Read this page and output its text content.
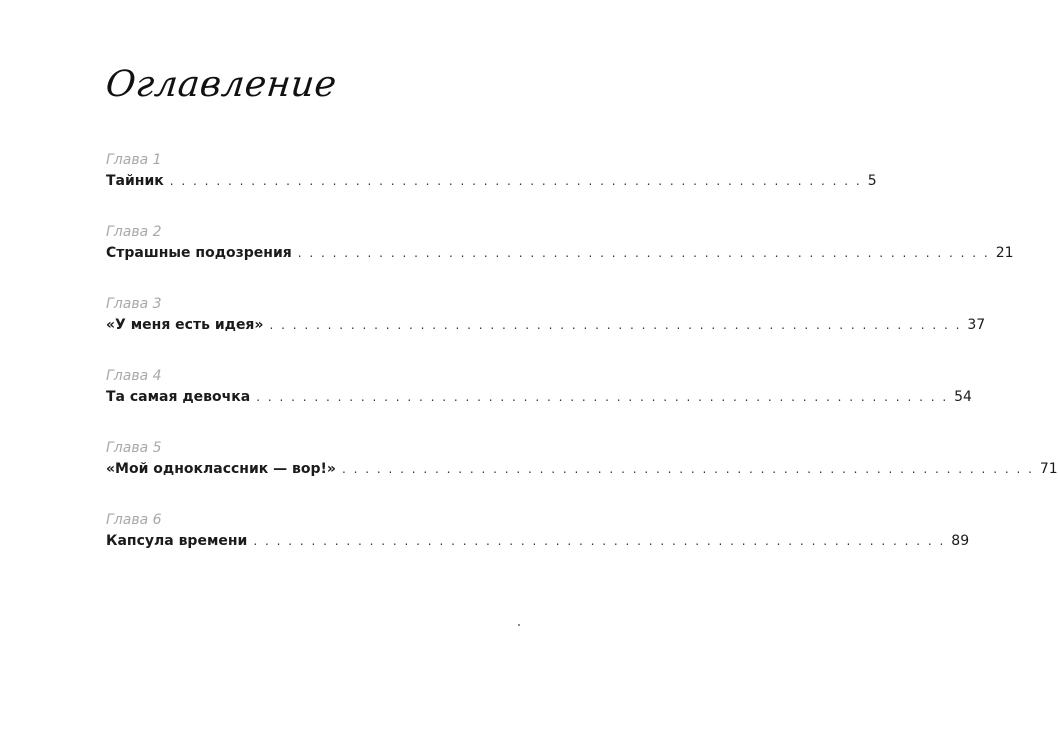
Оглавление
Глава 1
Тайник . . . . . . . . . . . . . . . . . . . . . . . . . . . . . . . . . . . . . . . . . . . . . . . . . . . . . . . . . . . . 5
Глава 2
Страшные подозрения . . . . . . . . . . . . . . . . . . . . . . . . . . . . . . . . . . . . . . . . . . . . . . . . . . . . . . . . . . . . 21
Глава 3
«У меня есть идея» . . . . . . . . . . . . . . . . . . . . . . . . . . . . . . . . . . . . . . . . . . . . . . . . . . . . . . . . . . . . 37
Глава 4
Та самая девочка . . . . . . . . . . . . . . . . . . . . . . . . . . . . . . . . . . . . . . . . . . . . . . . . . . . . . . . . . . . . 54
Глава 5
«Мой одноклассник — вор!» . . . . . . . . . . . . . . . . . . . . . . . . . . . . . . . . . . . . . . . . . . . . . . . . . . . . . . . . . . . . 71
Глава 6
Капсула времени . . . . . . . . . . . . . . . . . . . . . . . . . . . . . . . . . . . . . . . . . . . . . . . . . . . . . . . . . . . . 89
